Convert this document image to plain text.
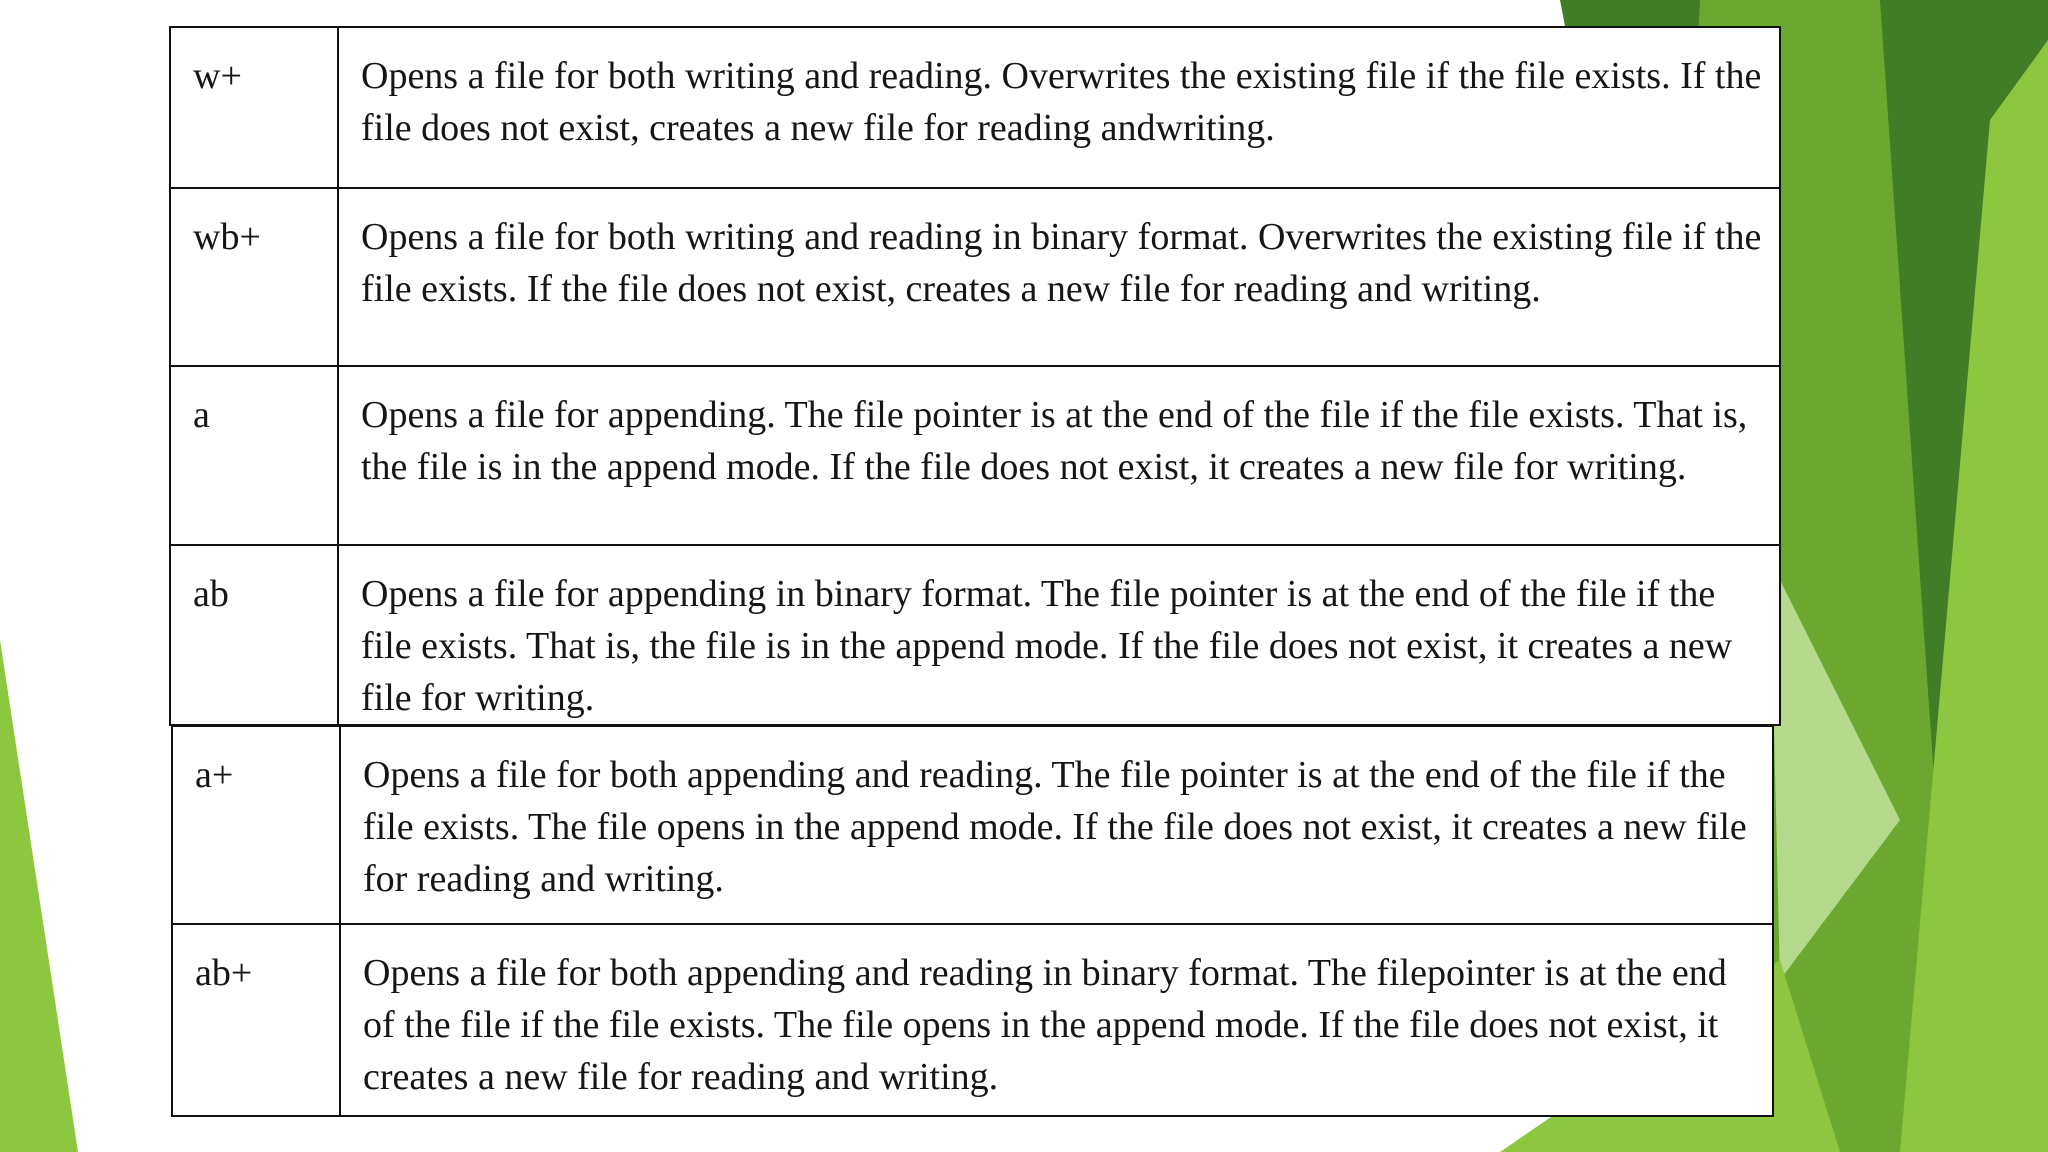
w+	Opens a file for both writing and reading. Overwrites the existing file if the file exists. If the file does not exist, creates a new file for reading andwriting.

wb+	Opens a file for both writing and reading in binary format. Overwrites the existing file if the file exists. If the file does not exist, creates a new file for reading and writing.

a	Opens a file for appending. The file pointer is at the end of the file if the file exists. That is, the file is in the append mode. If the file does not exist, it creates a new file for writing.

ab	Opens a file for appending in binary format. The file pointer is at the end of the file if the file exists. That is, the file is in the append mode. If the file does not exist, it creates a new file for writing.
a+	Opens a file for both appending and reading. The file pointer is at the end of the file if the file exists. The file opens in the append mode. If the file does not exist, it creates a new file for reading and writing.

ab+	Opens a file for both appending and reading in binary format. The filepointer is at the end of the file if the file exists. The file opens in the append mode. If the file does not exist, it creates a new file for reading and writing.
